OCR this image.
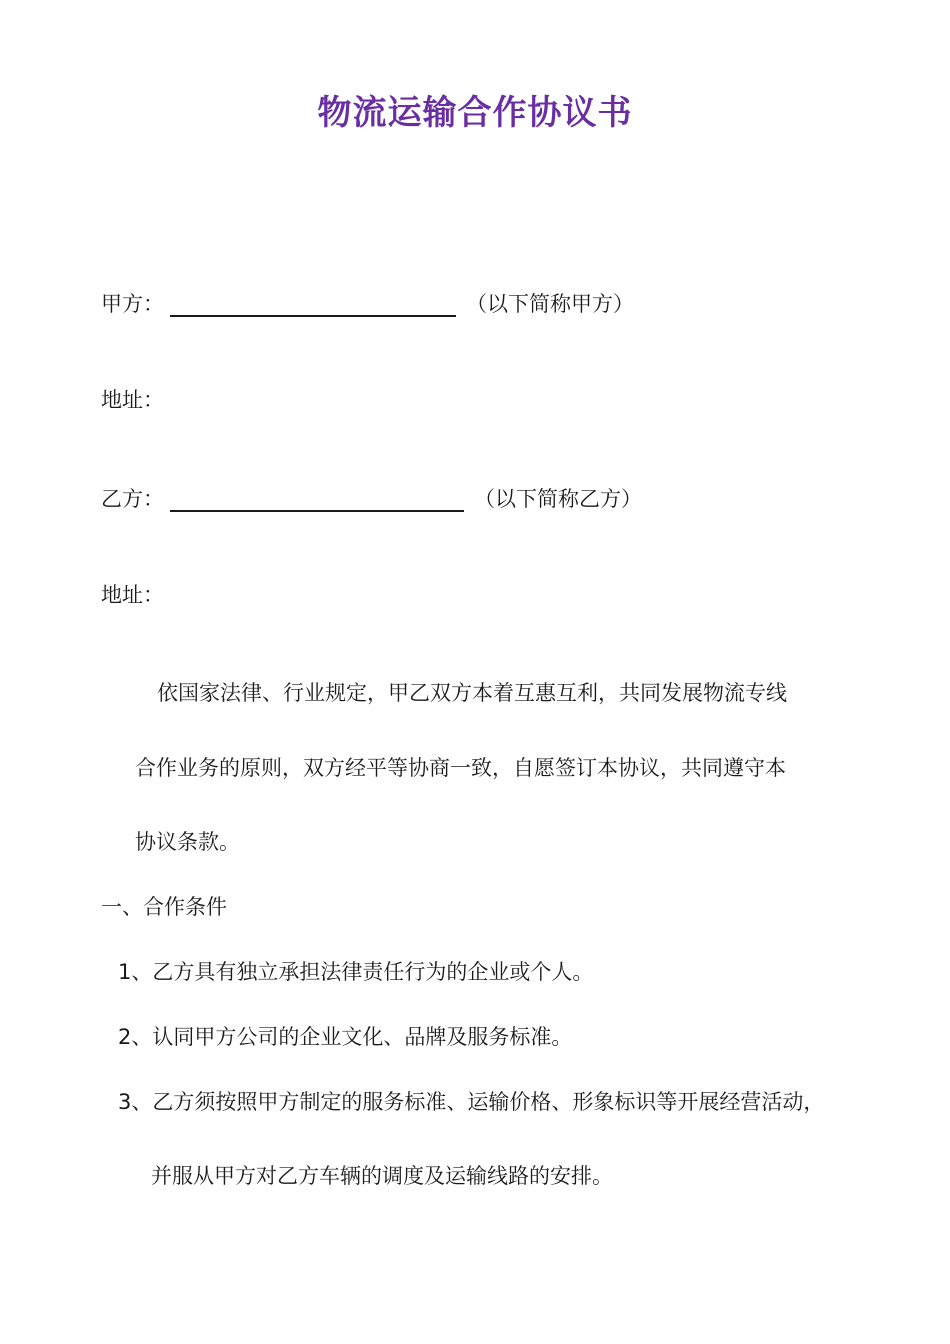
物流运输合作协议书
甲方：	（以下简称甲方）
地址：
乙方：	（以下简称乙方）
地址：
依国家法律、行业规定，甲乙双方本着互惠互利，共同发展物流专线
合作业务的原则，双方经平等协商一致，自愿签订本协议，共同遵守本
协议条款。
一、合作条件
1、乙方具有独立承担法律责任行为的企业或个人。
2、认同甲方公司的企业文化、品牌及服务标准。
3、乙方须按照甲方制定的服务标准、运输价格、形象标识等开展经营活动，
并服从甲方对乙方车辆的调度及运输线路的安排。
